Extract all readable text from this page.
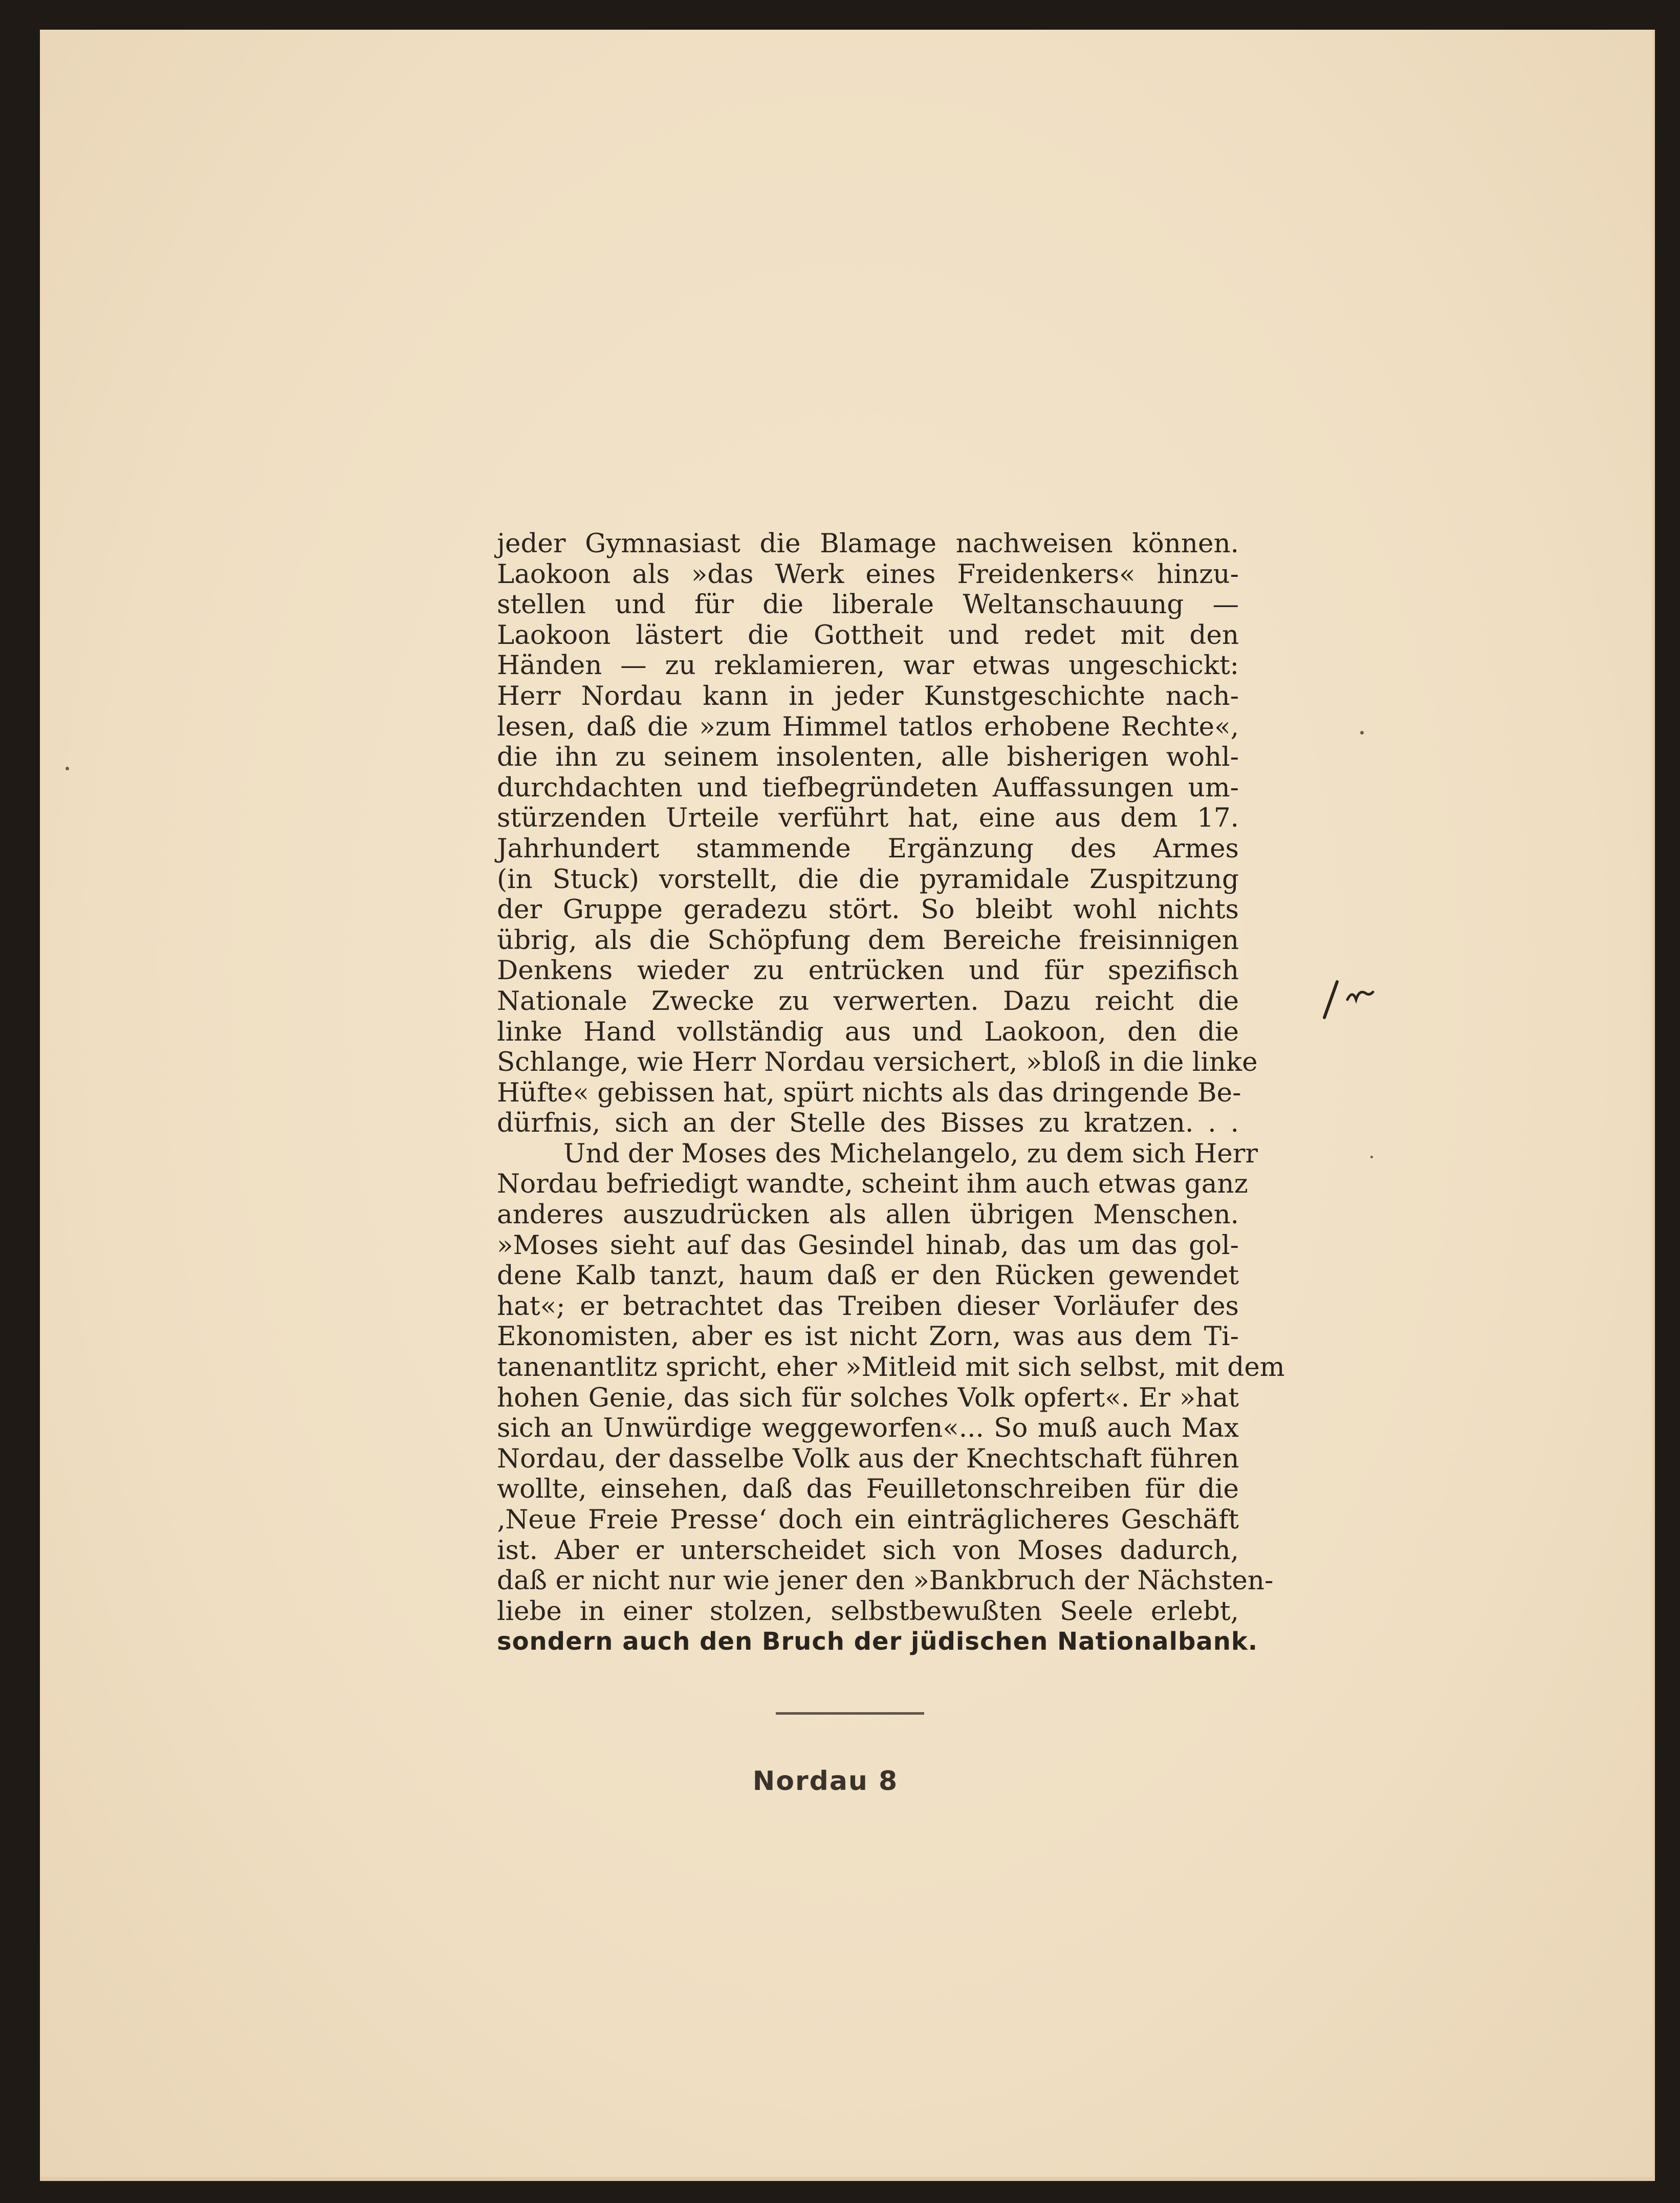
jeder Gymnasiast die Blamage nachweisen können.
Laokoon als »das Werk eines Freidenkers« hinzu-
stellen und für die liberale Weltanschauung —
Laokoon lästert die Gottheit und redet mit den
Händen — zu reklamieren, war etwas ungeschickt:
Herr Nordau kann in jeder Kunstgeschichte nach-
lesen, daß die »zum Himmel tatlos erhobene Rechte«,
die ihn zu seinem insolenten, alle bisherigen wohl-
durchdachten und tiefbegründeten Auffassungen um-
stürzenden Urteile verführt hat, eine aus dem 17.
Jahrhundert stammende Ergänzung des Armes
(in Stuck) vorstellt, die die pyramidale Zuspitzung
der Gruppe geradezu stört. So bleibt wohl nichts
übrig, als die Schöpfung dem Bereiche freisinnigen
Denkens wieder zu entrücken und für spezifisch
Nationale Zwecke zu verwerten. Dazu reicht die
linke Hand vollständig aus und Laokoon, den die
Schlange, wie Herr Nordau versichert, »bloß in die linke
Hüfte« gebissen hat, spürt nichts als das dringende Be-
dürfnis, sich an der Stelle des Bisses zu kratzen. . .
Und der Moses des Michelangelo, zu dem sich Herr
Nordau befriedigt wandte, scheint ihm auch etwas ganz
anderes auszudrücken als allen übrigen Menschen.
»Moses sieht auf das Gesindel hinab, das um das gol-
dene Kalb tanzt, haum daß er den Rücken gewendet
hat«; er betrachtet das Treiben dieser Vorläufer des
Ekonomisten, aber es ist nicht Zorn, was aus dem Ti-
tanenantlitz spricht, eher »Mitleid mit sich selbst, mit dem
hohen Genie, das sich für solches Volk opfert«. Er »hat
sich an Unwürdige weggeworfen«... So muß auch Max
Nordau, der dasselbe Volk aus der Knechtschaft führen
wollte, einsehen, daß das Feuilletonschreiben für die
‚Neue Freie Presse‘ doch ein einträglicheres Geschäft
ist. Aber er unterscheidet sich von Moses dadurch,
daß er nicht nur wie jener den »Bankbruch der Nächsten-
liebe in einer stolzen, selbstbewußten Seele erlebt,
sondern auch den Bruch der jüdischen Nationalbank.
Nordau 8
